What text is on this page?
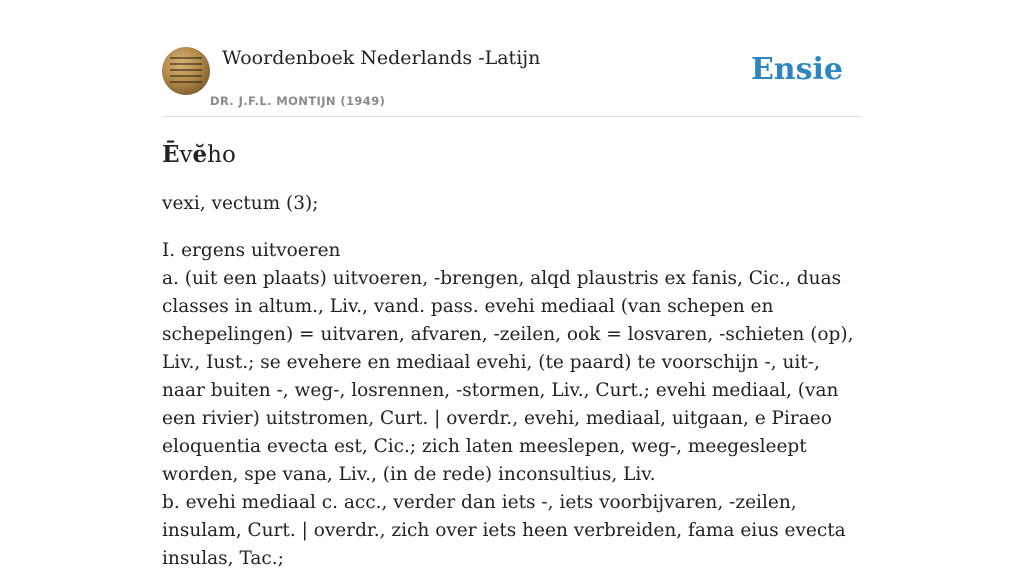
Woordenboek Nederlands -Latijn
DR. J.F.L. MONTIJN (1949)
Ensie
Ēvĕho
vexi, vectum (3);

I. ergens uitvoeren

a. (uit een plaats) uitvoeren, -brengen, alqd plaustris ex fanis, Cic., duas classes in altum., Liv., vand. pass. evehi mediaal (van schepen en schepelingen) = uitvaren, afvaren, -zeilen, ook = losvaren, -schieten (op), Liv., Iust.; se evehere en mediaal evehi, (te paard) te voorschijn -, uit-, naar buiten -, weg-, losrennen, -stormen, Liv., Curt.; evehi mediaal, (van een rivier) uitstromen, Curt. | overdr., evehi, mediaal, uitgaan, e Piraeo eloquentia evecta est, Cic.; zich laten meeslepen, weg-, meegesleept worden, spe vana, Liv., (in de rede) inconsultius, Liv.

b. evehi mediaal c. acc., verder dan iets -, iets voorbijvaren, -zeilen, insulam, Curt. | overdr., zich over iets heen verbreiden, fama eius evecta insulas, Tac.;
